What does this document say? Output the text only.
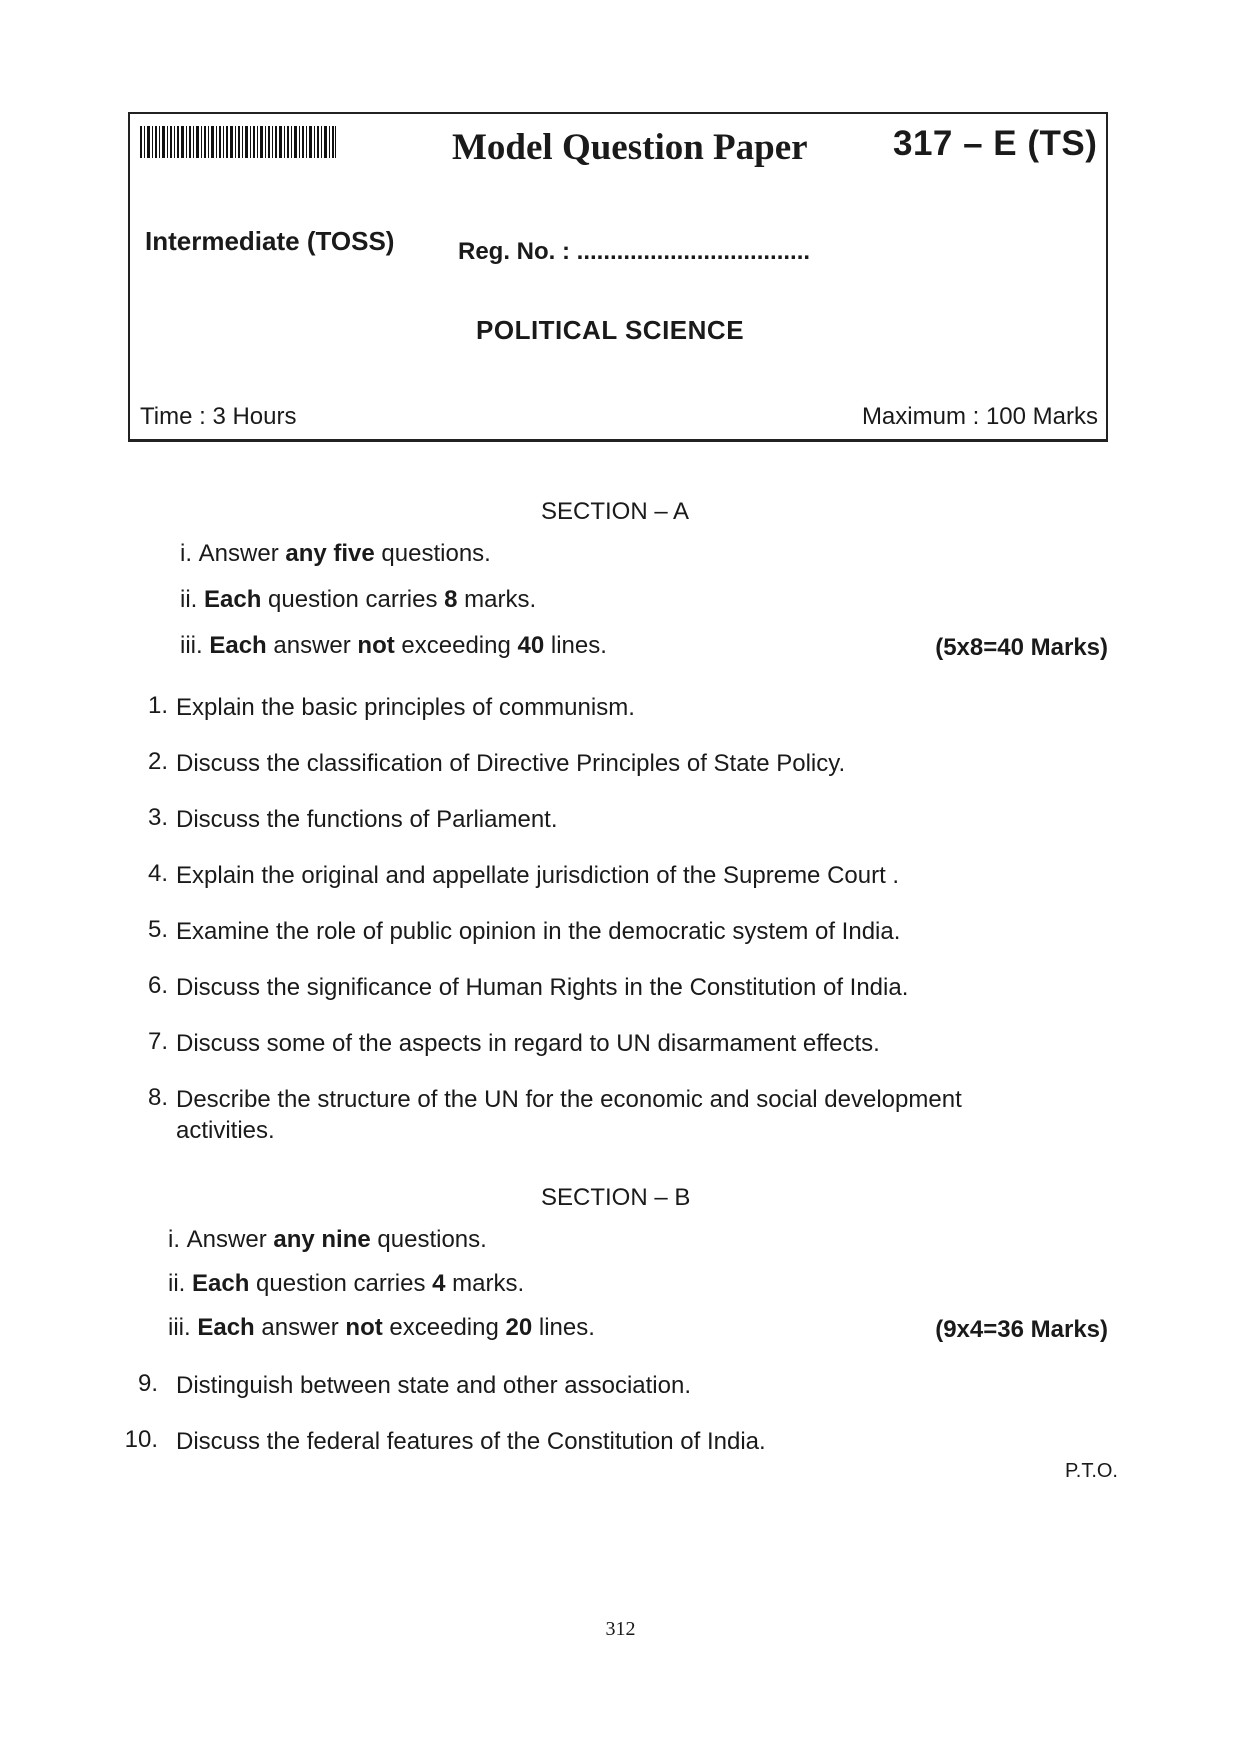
Model Question Paper 317 – E (TS)
Intermediate (TOSS)	Reg. No. : ...................................
POLITICAL SCIENCE
Time : 3 Hours	Maximum : 100 Marks
SECTION – A
i. Answer any five questions.
ii. Each question carries 8 marks.
iii. Each answer not exceeding 40 lines.	(5x8=40 Marks)
1. Explain the basic principles of communism.
2. Discuss the classification of Directive Principles of State Policy.
3. Discuss the functions of Parliament.
4. Explain the original and appellate jurisdiction of the Supreme Court .
5. Examine the role of public opinion in the democratic system of India.
6. Discuss the significance of Human Rights in the Constitution of India.
7. Discuss some of the aspects in regard to UN disarmament effects.
8. Describe the structure of the UN for the economic and social development
activities.
SECTION – B
i. Answer any nine questions.
ii. Each question carries 4 marks.
iii. Each answer not exceeding 20 lines.	(9x4=36 Marks)
9. Distinguish between state and other association.
10. Discuss the federal features of the Constitution of India.
P.T.O.
312
